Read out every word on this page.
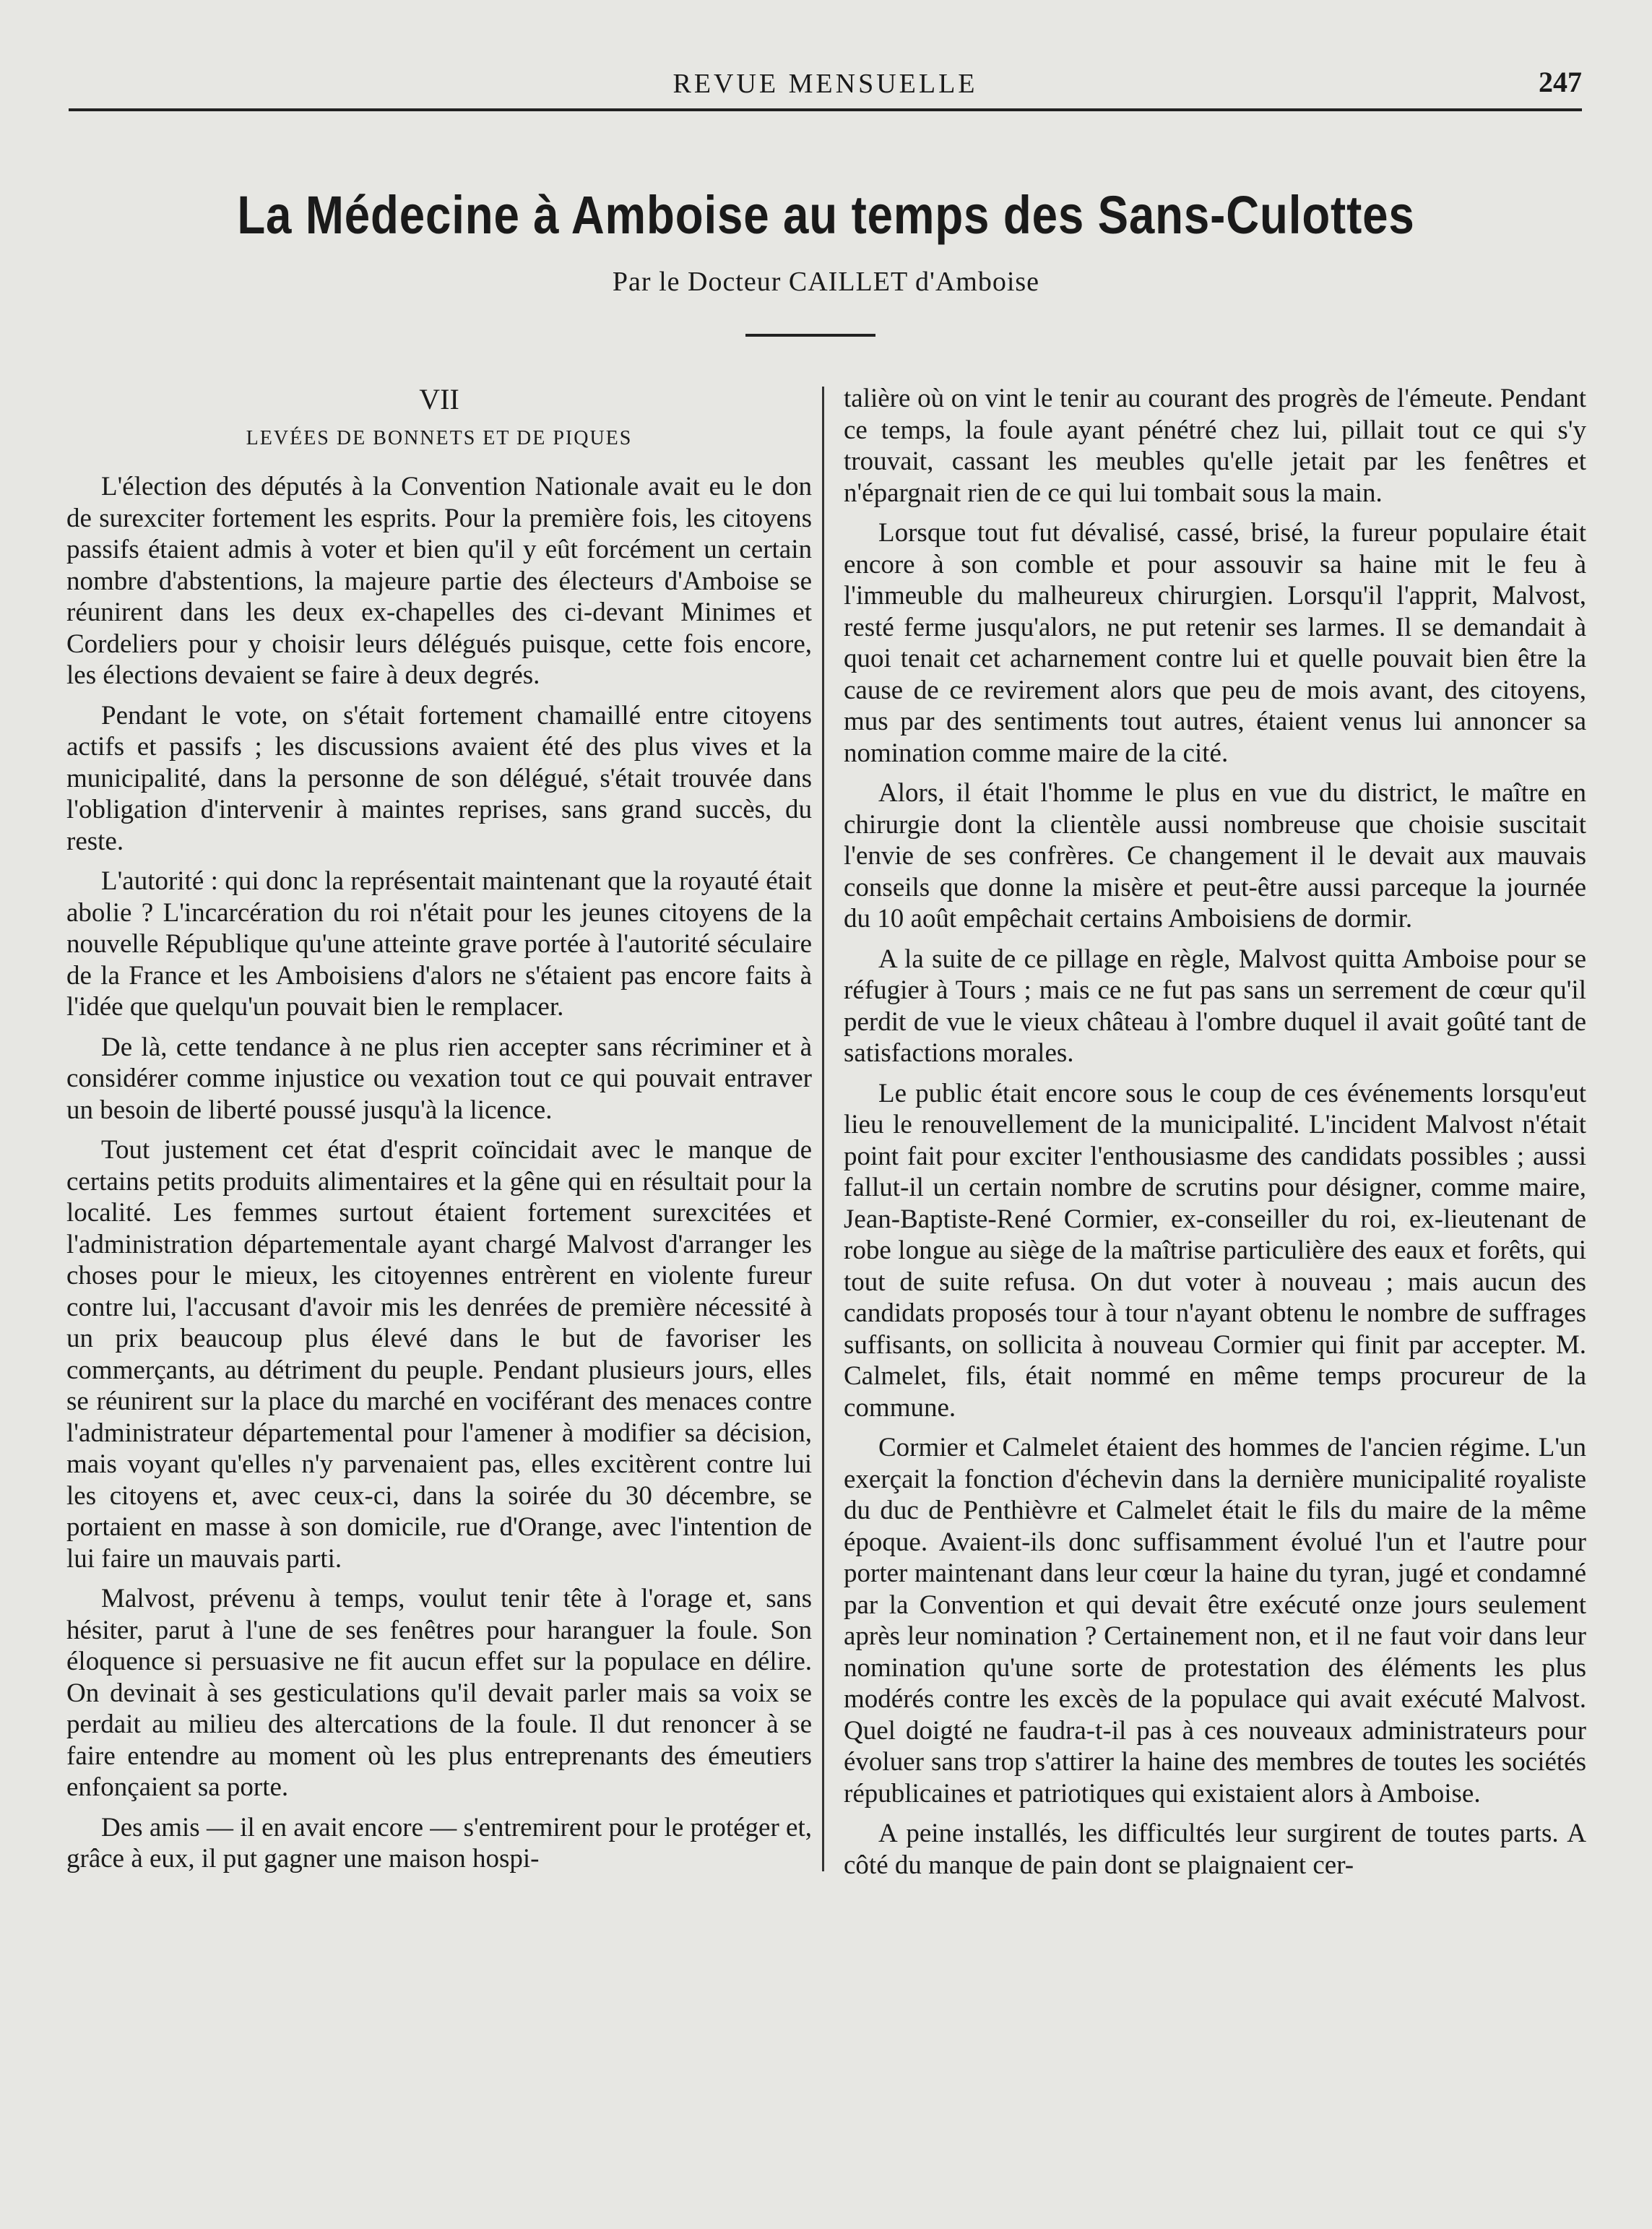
REVUE MENSUELLE	247
La Médecine à Amboise au temps des Sans-Culottes
Par le Docteur CAILLET d'Amboise
VII
LEVÉES DE BONNETS ET DE PIQUES

L'élection des députés à la Convention Nationale avait eu le don de surexciter fortement les esprits. Pour la première fois, les citoyens passifs étaient admis à voter et bien qu'il y eût forcément un certain nombre d'abstentions, la majeure partie des électeurs d'Amboise se réunirent dans les deux ex-chapelles des ci-devant Minimes et Cordeliers pour y choisir leurs délégués puisque, cette fois encore, les élections devaient se faire à deux degrés.

Pendant le vote, on s'était fortement chamaillé entre citoyens actifs et passifs ; les discussions avaient été des plus vives et la municipalité, dans la personne de son délégué, s'était trouvée dans l'obligation d'intervenir à maintes reprises, sans grand succès, du reste.

L'autorité : qui donc la représentait maintenant que la royauté était abolie ? L'incarcération du roi n'était pour les jeunes citoyens de la nouvelle République qu'une atteinte grave portée à l'autorité séculaire de la France et les Amboisiens d'alors ne s'étaient pas encore faits à l'idée que quelqu'un pouvait bien le remplacer.

De là, cette tendance à ne plus rien accepter sans récriminer et à considérer comme injustice ou vexation tout ce qui pouvait entraver un besoin de liberté poussé jusqu'à la licence.

Tout justement cet état d'esprit coïncidait avec le manque de certains petits produits alimentaires et la gêne qui en résultait pour la localité. Les femmes surtout étaient fortement surexcitées et l'administration départementale ayant chargé Malvost d'arranger les choses pour le mieux, les citoyennes entrèrent en violente fureur contre lui, l'accusant d'avoir mis les denrées de première nécessité à un prix beaucoup plus élevé dans le but de favoriser les commerçants, au détriment du peuple. Pendant plusieurs jours, elles se réunirent sur la place du marché en vociférant des menaces contre l'administrateur départemental pour l'amener à modifier sa décision, mais voyant qu'elles n'y parvenaient pas, elles excitèrent contre lui les citoyens et, avec ceux-ci, dans la soirée du 30 décembre, se portaient en masse à son domicile, rue d'Orange, avec l'intention de lui faire un mauvais parti.

Malvost, prévenu à temps, voulut tenir tête à l'orage et, sans hésiter, parut à l'une de ses fenêtres pour haranguer la foule. Son éloquence si persuasive ne fit aucun effet sur la populace en délire. On devinait à ses gesticulations qu'il devait parler mais sa voix se perdait au milieu des altercations de la foule. Il dut renoncer à se faire entendre au moment où les plus entreprenants des émeutiers enfonçaient sa porte.

Des amis — il en avait encore — s'entremirent pour le protéger et, grâce à eux, il put gagner une maison hospi-

talière où on vint le tenir au courant des progrès de l'émeute. Pendant ce temps, la foule ayant pénétré chez lui, pillait tout ce qui s'y trouvait, cassant les meubles qu'elle jetait par les fenêtres et n'épargnait rien de ce qui lui tombait sous la main.

Lorsque tout fut dévalisé, cassé, brisé, la fureur populaire était encore à son comble et pour assouvir sa haine mit le feu à l'immeuble du malheureux chirurgien. Lorsqu'il l'apprit, Malvost, resté ferme jusqu'alors, ne put retenir ses larmes. Il se demandait à quoi tenait cet acharnement contre lui et quelle pouvait bien être la cause de ce revirement alors que peu de mois avant, des citoyens, mus par des sentiments tout autres, étaient venus lui annoncer sa nomination comme maire de la cité.

Alors, il était l'homme le plus en vue du district, le maître en chirurgie dont la clientèle aussi nombreuse que choisie suscitait l'envie de ses confrères. Ce changement il le devait aux mauvais conseils que donne la misère et peut-être aussi parceque la journée du 10 août empêchait certains Amboisiens de dormir.

A la suite de ce pillage en règle, Malvost quitta Amboise pour se réfugier à Tours ; mais ce ne fut pas sans un serrement de cœur qu'il perdit de vue le vieux château à l'ombre duquel il avait goûté tant de satisfactions morales.

Le public était encore sous le coup de ces événements lorsqu'eut lieu le renouvellement de la municipalité. L'incident Malvost n'était point fait pour exciter l'enthousiasme des candidats possibles ; aussi fallut-il un certain nombre de scrutins pour désigner, comme maire, Jean-Baptiste-René Cormier, ex-conseiller du roi, ex-lieutenant de robe longue au siège de la maîtrise particulière des eaux et forêts, qui tout de suite refusa. On dut voter à nouveau ; mais aucun des candidats proposés tour à tour n'ayant obtenu le nombre de suffrages suffisants, on sollicita à nouveau Cormier qui finit par accepter. M. Calmelet, fils, était nommé en même temps procureur de la commune.

Cormier et Calmelet étaient des hommes de l'ancien régime. L'un exerçait la fonction d'échevin dans la dernière municipalité royaliste du duc de Penthièvre et Calmelet était le fils du maire de la même époque. Avaient-ils donc suffisamment évolué l'un et l'autre pour porter maintenant dans leur cœur la haine du tyran, jugé et condamné par la Convention et qui devait être exécuté onze jours seulement après leur nomination ? Certainement non, et il ne faut voir dans leur nomination qu'une sorte de protestation des éléments les plus modérés contre les excès de la populace qui avait exécuté Malvost. Quel doigté ne faudra-t-il pas à ces nouveaux administrateurs pour évoluer sans trop s'attirer la haine des membres de toutes les sociétés républicaines et patriotiques qui existaient alors à Amboise.

A peine installés, les difficultés leur surgirent de toutes parts. A côté du manque de pain dont se plaignaient cer-
